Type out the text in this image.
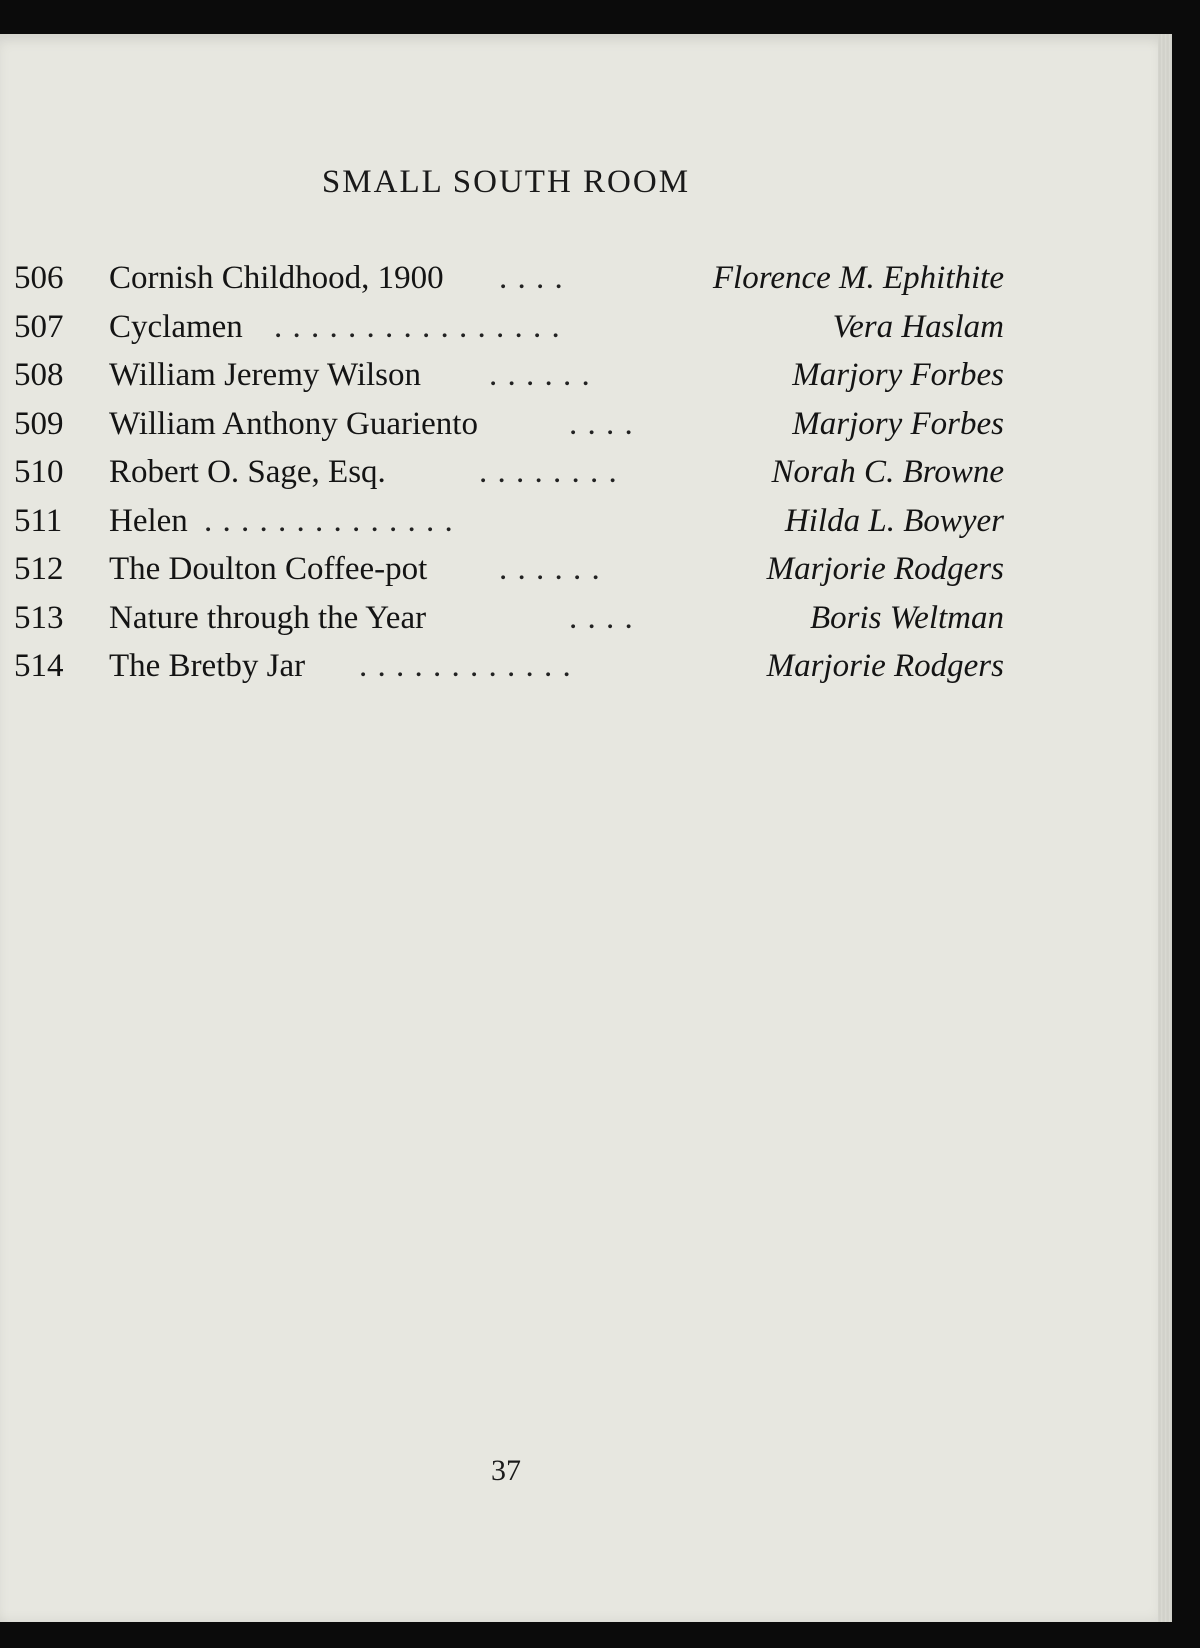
SMALL SOUTH ROOM
506 Cornish Childhood, 1900 . . . .	Florence M. Ephithite
507 Cyclamen . . . . . . . . . . . . . . . .	Vera Haslam
508 William Jeremy Wilson . . . . . .	Marjory Forbes
509 William Anthony Guariento	. . . .	Marjory Forbes
510 Robert O. Sage, Esq.	. . . . . . . .	Norah C. Browne
511 Helen . . . . . . . . . . . . . .	Hilda L. Bowyer
512 The Doulton Coffee-pot . . . . . .	Marjorie Rodgers
513 Nature through the Year	. . . .	Boris Weltman
514 The Bretby Jar . . . . . . . . . . . .	Marjorie Rodgers
37
